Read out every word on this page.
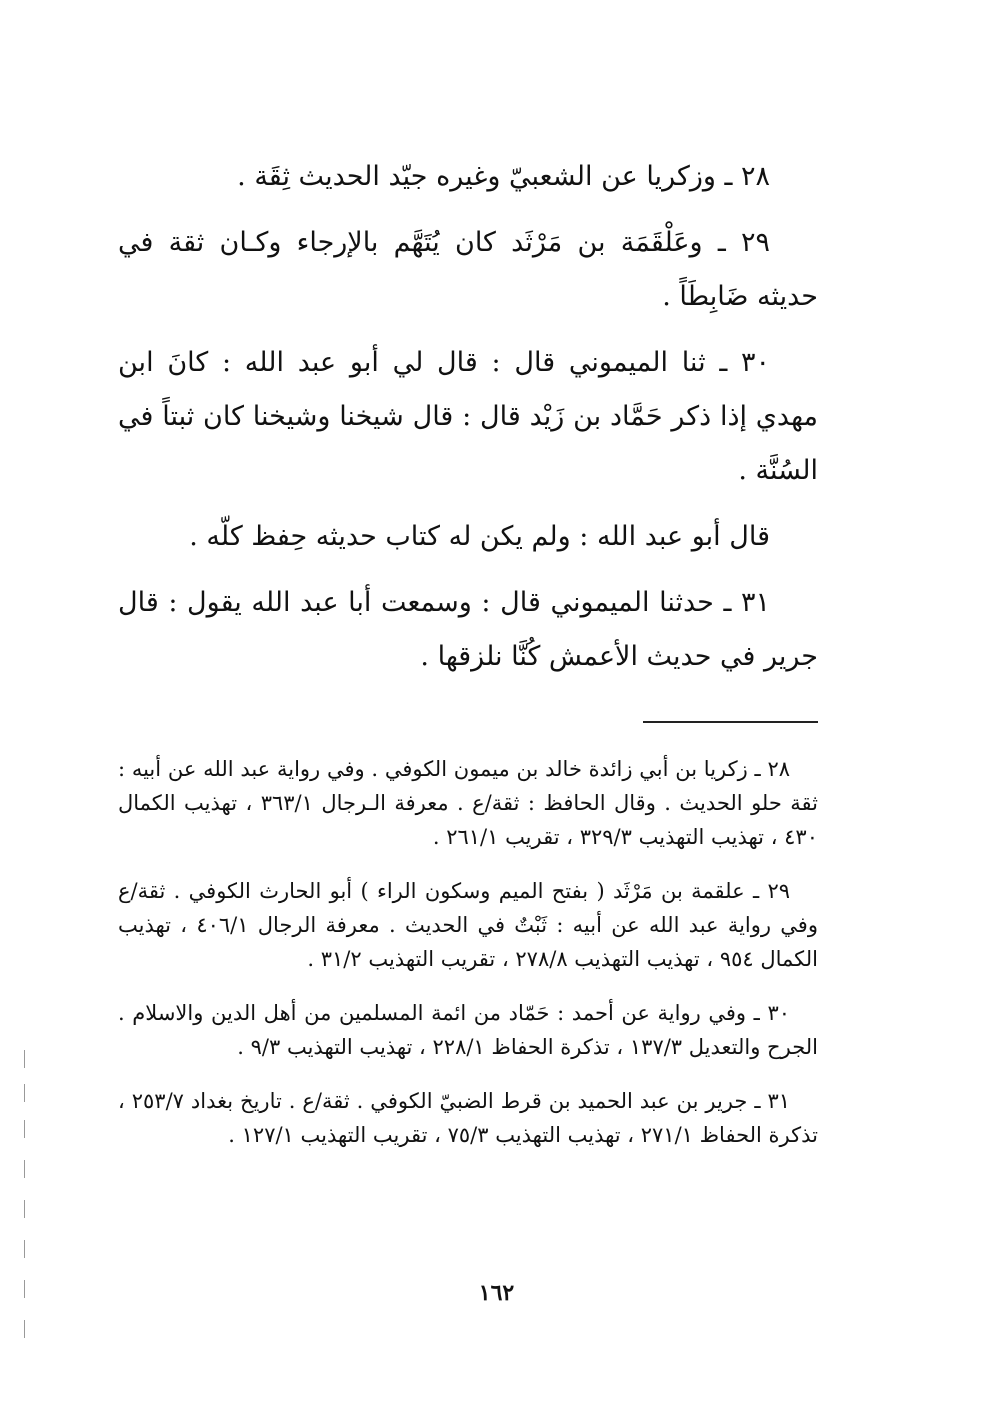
٢٨ ـ وزكريا عن الشعبيّ وغيره جيّد الحديث ثِقَة .

٢٩ ـ وعَلْقَمَة بن مَرْثَد كان يُتَهَّم بالإرجاء وكـان ثقة في حديثه ضَابِطَاً .

٣٠ ـ ثنا الميموني قال : قال لي أبو عبد الله : كانَ ابن مهدي إذا ذكر حَمَّاد بن زَيْد قال : قال شيخنا وشيخنا كان ثبتاً في السُنَّة .

قال أبو عبد الله : ولم يكن له كتاب حديثه حِفظ كلّه .

٣١ ـ حدثنا الميموني قال : وسمعت أبا عبد الله يقول : قال جرير في حديث الأعمش كُنَّا نلزقها .

٢٨ ـ زكريا بن أبي زائدة خالد بن ميمون الكوفي . وفي رواية عبد الله عن أبيه : ثقة حلو الحديث . وقال الحافظ : ثقة/ع . معرفة الـرجال ٣٦٣/١ ، تهذيب الكمال ٤٣٠ ، تهذيب التهذيب ٣٢٩/٣ ، تقريب ٢٦١/١ .

٢٩ ـ علقمة بن مَرْثَد ( بفتح الميم وسكون الراء ) أبو الحارث الكوفي . ثقة/ع وفي رواية عبد الله عن أبيه : ثَبْتٌ في الحديث . معرفة الرجال ٤٠٦/١ ، تهذيب الكمال ٩٥٤ ، تهذيب التهذيب ٢٧٨/٨ ، تقريب التهذيب ٣١/٢ .

٣٠ ـ وفي رواية عن أحمد : حَمّاد من ائمة المسلمين من أهل الدين والاسلام . الجرح والتعديل ١٣٧/٣ ، تذكرة الحفاظ ٢٢٨/١ ، تهذيب التهذيب ٩/٣ .

٣١ ـ جرير بن عبد الحميد بن قرط الضبيّ الكوفي . ثقة/ع . تاريخ بغداد ٢٥٣/٧ ، تذكرة الحفاظ ٢٧١/١ ، تهذيب التهذيب ٧٥/٣ ، تقريب التهذيب ١٢٧/١ .

١٦٢
